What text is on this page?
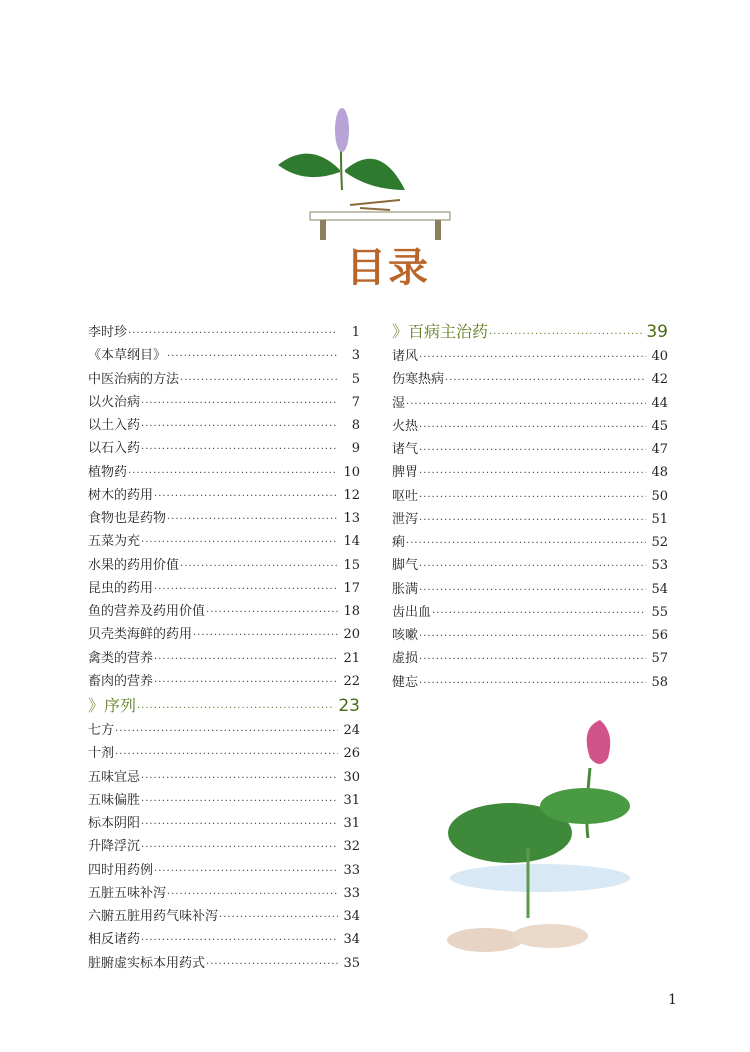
目录
李时珍 ·····	1
《本草纲目》 ·····	3
中医治病的方法 ·····	5
以火治病 ·····	7
以土入药 ·····	8
以石入药 ·····	9
植物药 ·····	10
树木的药用 ·····	12
食物也是药物 ·····	13
五菜为充 ·····	14
水果的药用价值 ·····	15
昆虫的药用 ·····	17
鱼的营养及药用价值 ·····	18
贝壳类海鲜的药用 ·····	20
禽类的营养 ·····	21
畜肉的营养 ·····	22
》序列 ·····	23
七方 ·····	24
十剂 ·····	26
五味宜忌 ·····	30
五味偏胜 ·····	31
标本阴阳 ·····	31
升降浮沉 ·····	32
四时用药例 ·····	33
五脏五味补泻 ·····	33
六腑五脏用药气味补泻 ·····	34
相反诸药 ·····	34
脏腑虚实标本用药式 ·····	35
》百病主治药 ·····	39
诸风 ·····	40
伤寒热病 ·····	42
湿 ·····	44
火热 ·····	45
诸气 ·····	47
脾胃 ·····	48
呕吐 ·····	50
泄泻 ·····	51
痢 ·····	52
脚气 ·····	53
胀满 ·····	54
齿出血 ·····	55
咳嗽 ·····	56
虚损 ·····	57
健忘 ·····	58
1
